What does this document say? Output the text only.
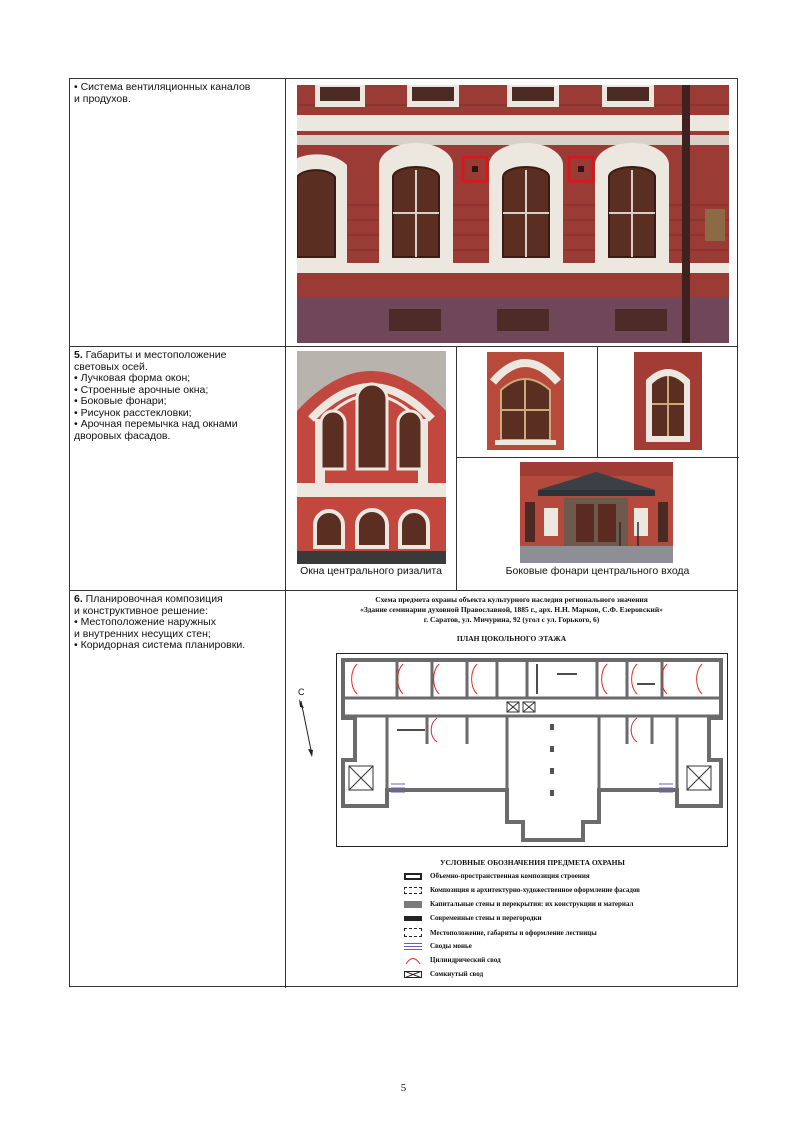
• Система вентиляционных каналов
и продухов.
5. Габариты и местоположение
световых осей.
• Лучковая форма окон;
• Строенные арочные окна;
• Боковые фонари;
• Рисунок расстекловки;
• Арочная перемычка над окнами
дворовых фасадов.
Окна центрального ризалита	Боковые фонари центрального входа
6. Планировочная композиция
и конструктивное решение:
• Местоположение наружных
и внутренних несущих стен;
• Коридорная система планировки.
Схема предмета охраны объекта культурного наследия регионального значения
«Здание семинарии духовной Православной, 1885 г., арх. Н.Н. Марков, С.Ф. Езеровский»
г. Саратов, ул. Мичурина, 92 (угол с ул. Горького, 6)
ПЛАН ЦОКОЛЬНОГО ЭТАЖА
С
УСЛОВНЫЕ ОБОЗНАЧЕНИЯ ПРЕДМЕТА ОХРАНЫ
Объемно-пространственная композиция строения
Композиция и архитектурно-художественное оформление фасадов
Капитальные стены и перекрытия: их конструкции и материал
Современные стены и перегородки
Местоположение, габариты и оформление лестницы
Своды монье
Цилиндрический свод
Сомкнутый свод
5
